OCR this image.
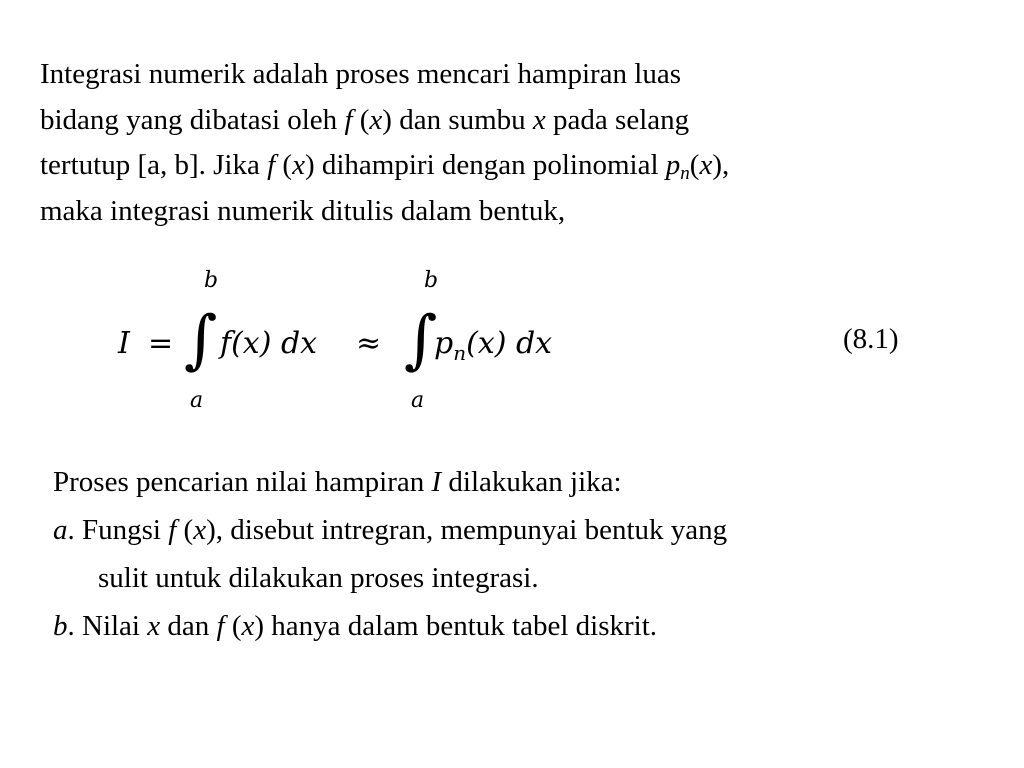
Integrasi numerik adalah proses mencari hampiran luas
bidang yang dibatasi oleh f (x) dan sumbu x pada selang
tertutup [a, b]. Jika f (x) dihampiri dengan polinomial $p_n(x)$,
maka integrasi numerik ditulis dalam bentuk,
I = f(x) dx	≈	$p_n(x)$ dx
∫
b
a
∫
b
a
(8.1)
Proses pencarian nilai hampiran I dilakukan jika:
a. Fungsi f (x), disebut intregran, mempunyai bentuk yang
sulit untuk dilakukan proses integrasi.
b. Nilai x dan f (x) hanya dalam bentuk tabel diskrit.
